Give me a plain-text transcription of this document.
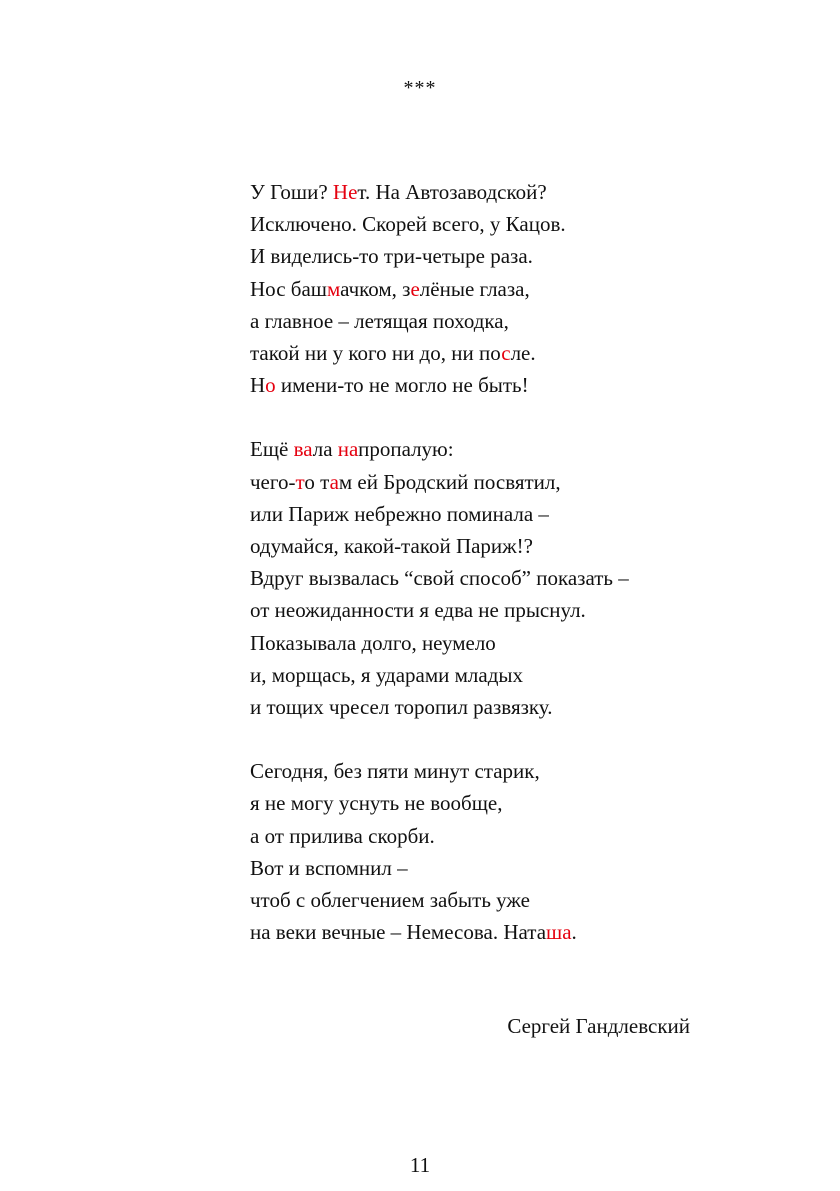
***
У Гоши? Нет. На Автозаводской?
Исключено. Скорей всего, у Кацов.
И виделись-то три-четыре раза.
Нос башмачком, зелёные глаза,
а главное – летящая походка,
такой ни у кого ни до, ни после.
Но имени-то не могло не быть!
Ещё вала напропалую:
чего-то там ей Бродский посвятил,
или Париж небрежно поминала –
одумайся, какой-такой Париж!?
Вдруг вызвалась “свой способ” показать –
от неожиданности я едва не прыснул.
Показывала долго, неумело
и, морщась, я ударами младых
и тощих чресел торопил развязку.
Сегодня, без пяти минут старик,
я не могу уснуть не вообще,
а от прилива скорби.
Вот и вспомнил –
чтоб с облегчением забыть уже
на веки вечные – Немесова. Наташа.
Сергей Гандлевский
11
